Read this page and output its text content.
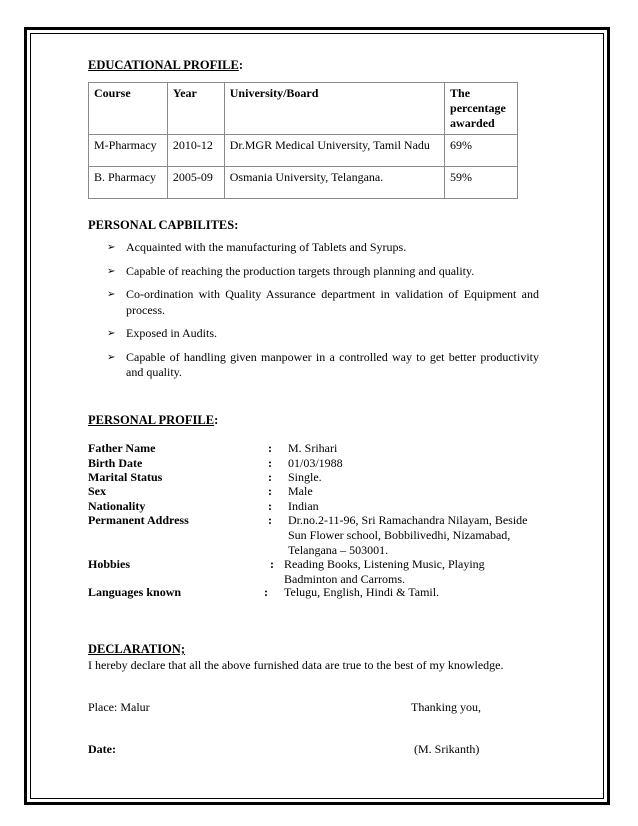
EDUCATIONAL PROFILE:
Course	Year	University/Board	The percentage awarded
M-Pharmacy	2010-12	Dr.MGR Medical University, Tamil Nadu	69%
B. Pharmacy	2005-09	Osmania University, Telangana.	59%
PERSONAL CAPBILITES:
➢ Acquainted with the manufacturing of Tablets and Syrups.
➢ Capable of reaching the production targets through planning and quality.
➢ Co-ordination with Quality Assurance department in validation of Equipment and process.
➢ Exposed in Audits.
➢ Capable of handling given manpower in a controlled way to get better productivity and quality.
PERSONAL PROFILE:
Father Name	: M. Srihari
Birth Date	: 01/03/1988
Marital Status	: Single.
Sex	: Male
Nationality	: Indian
Permanent Address	: Dr.no.2-11-96, Sri Ramachandra Nilayam, Beside Sun Flower school, Bobbilivedhi, Nizamabad, Telangana – 503001.
Hobbies	: Reading Books, Listening Music, Playing Badminton and Carroms.
Languages known	: Telugu, English, Hindi & Tamil.
DECLARATION;
I hereby declare that all the above furnished data are true to the best of my knowledge.
Place: Malur	Thanking you,
Date:	(M. Srikanth)
